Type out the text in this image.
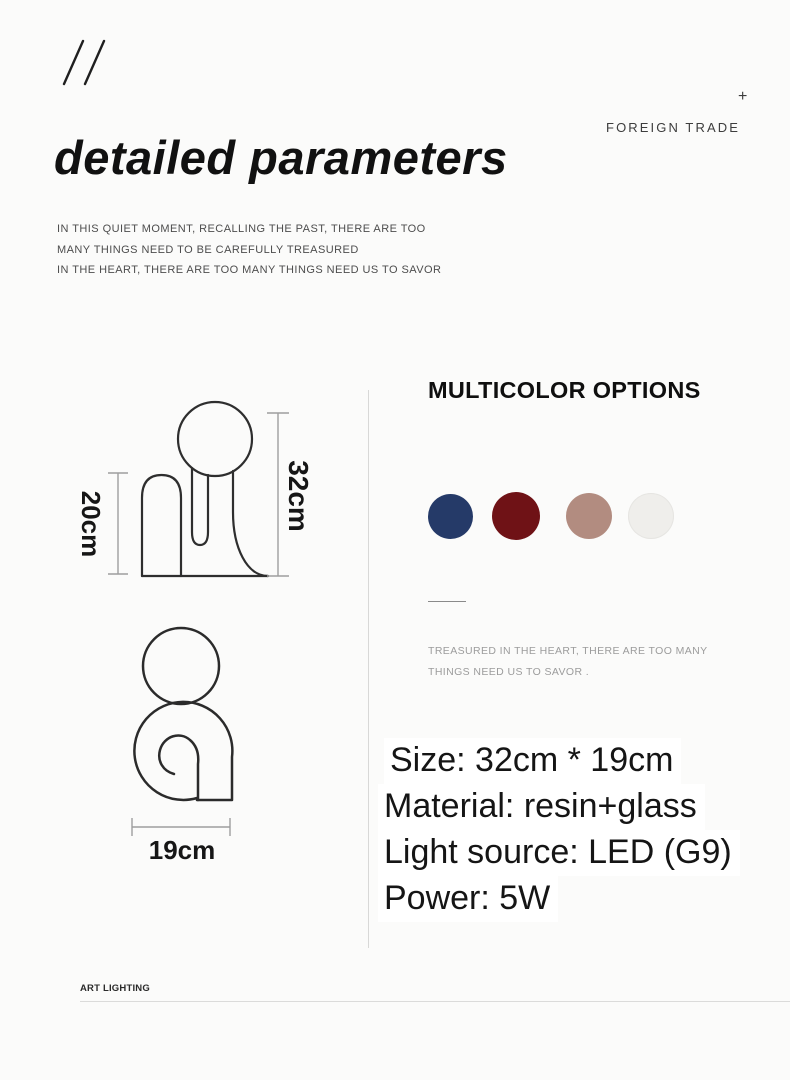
+
FOREIGN TRADE
detailed parameters
IN THIS QUIET MOMENT, RECALLING THE PAST, THERE ARE TOO
MANY THINGS NEED TO BE CAREFULLY TREASURED
IN THE HEART, THERE ARE TOO MANY THINGS NEED US TO SAVOR
20cm	32cm
19cm
MULTICOLOR OPTIONS
TREASURED IN THE HEART, THERE ARE TOO MANY
THINGS NEED US TO SAVOR .
Size: 32cm * 19cm
Material: resin+glass
Light source: LED (G9)
Power: 5W
ART LIGHTING
